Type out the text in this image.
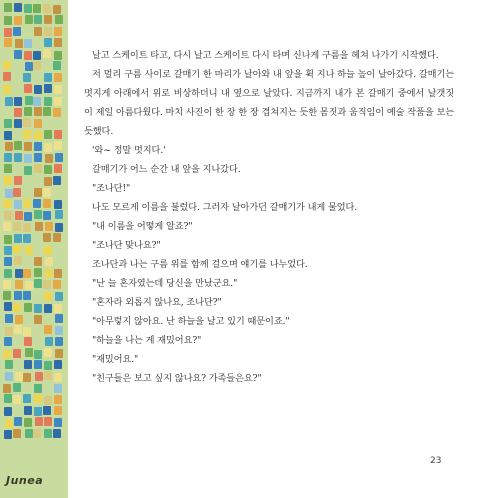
Junea

날고 스케이트 타고, 다시 날고 스케이트 다시 타며 신나게 구름을 헤쳐 나가기 시작했다.

저 멀리 구름 사이로 갈매기 한 마리가 날아와 내 앞을 휙 지나 하늘 높이 날아갔다. 갈매기는 멋지게 아래에서 위로 비상하더니 내 옆으로 날았다. 지금까지 내가 본 갈매기 중에서 날갯짓이 제일 아름다웠다. 마치 사진이 한 장 한 장 겹쳐지는 듯한 몸짓과 움직임이 예술 작품을 보는 듯했다.

'와~ 정말 멋지다.'

갈매기가 어느 순간 내 앞을 지나갔다.

"조나단!"

나도 모르게 이름을 불렀다. 그러자 날아가던 갈매기가 내게 물었다.

"내 이름을 어떻게 알죠?"

"조나단 맞나요?"

조나단과 나는 구름 위를 함께 걸으며 얘기를 나누었다.

"난 늘 혼자였는데 당신을 만났군요."

"혼자라 외롭지 않나요, 조나단?"

"아무렇지 않아요. 난 하늘을 날고 있기 때문이죠."

"하늘을 나는 게 재밌어요?"

"재밌어요."

"친구들은 보고 싶지 않나요? 가족들은요?"

23
